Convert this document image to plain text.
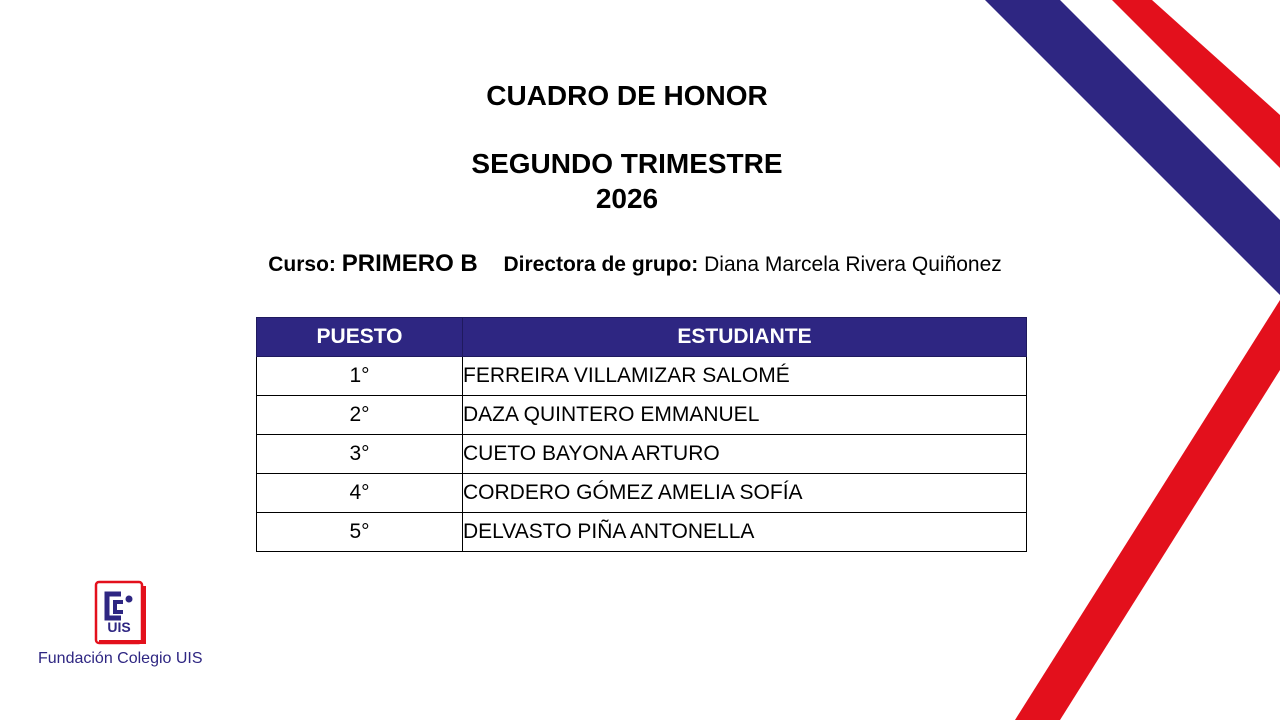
CUADRO DE HONOR
SEGUNDO TRIMESTRE
2026
Curso: PRIMERO B Directora de grupo: Diana Marcela Rivera Quiñonez
PUESTO	ESTUDIANTE
1°	FERREIRA VILLAMIZAR SALOMÉ
2°	DAZA QUINTERO EMMANUEL
3°	CUETO BAYONA ARTURO
4°	CORDERO GÓMEZ AMELIA SOFÍA
5°	DELVASTO PIÑA ANTONELLA
UIS
Fundación Colegio UIS
